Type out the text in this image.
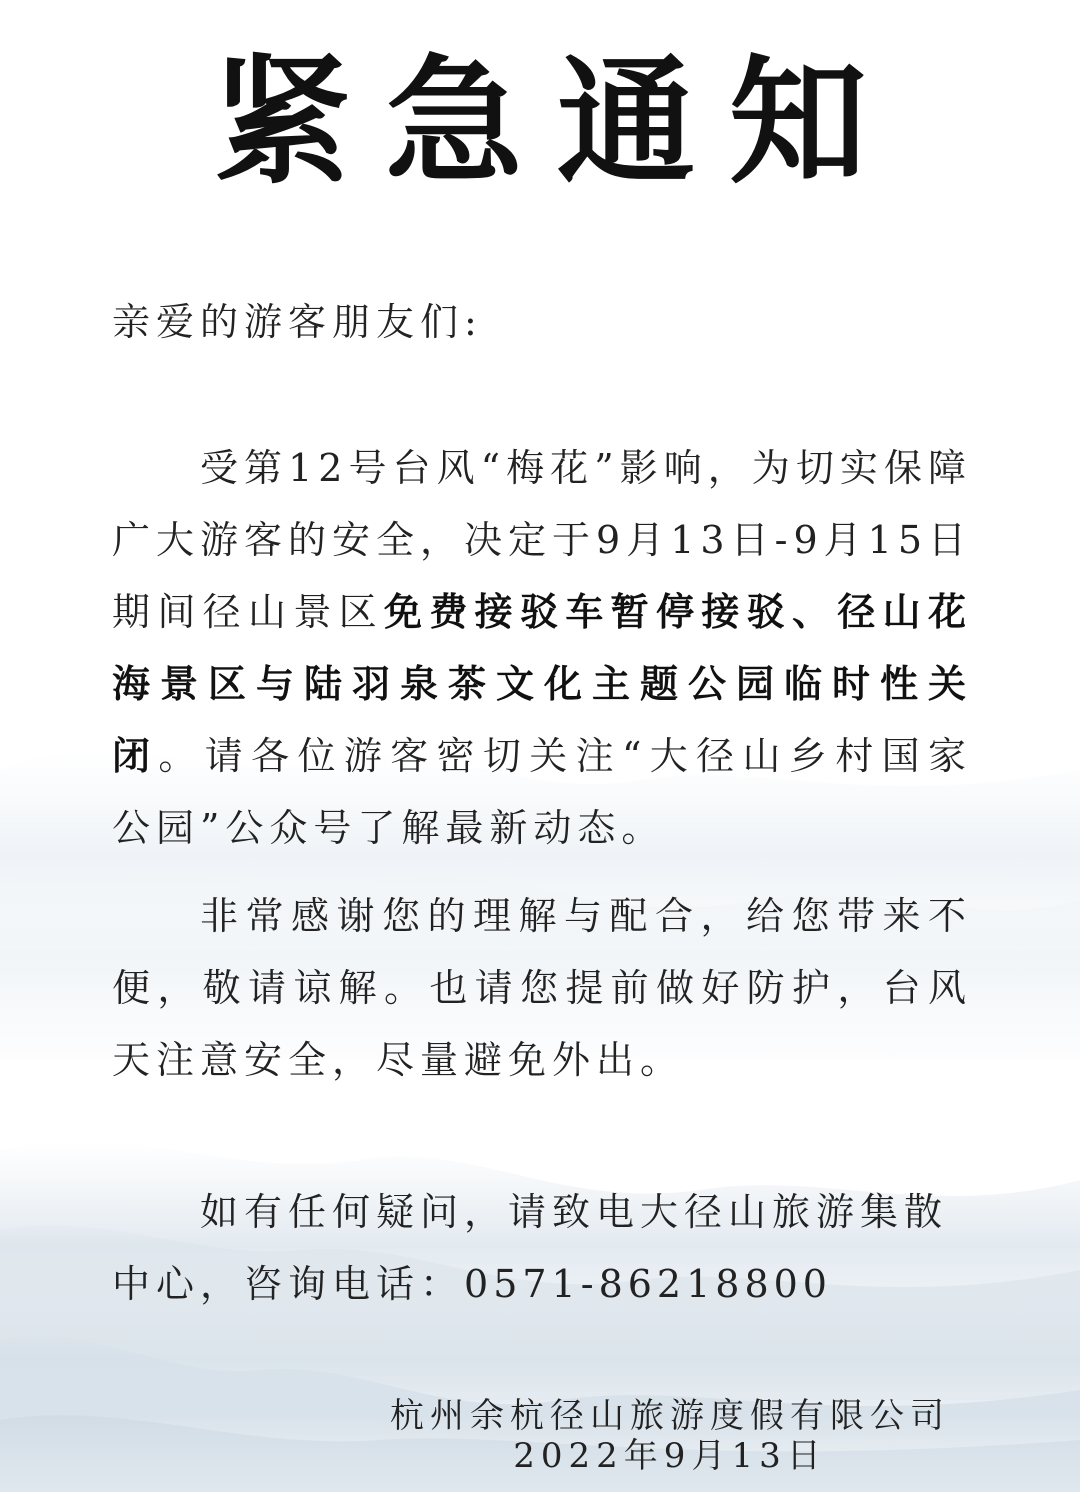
紧急通知
亲爱的游客朋友们:
受第12号台风“梅花”影响，为切实保障广大游客的安全，决定于9月13日-9月15日期间径山景区免费接驳车暂停接驳、径山花海景区与陆羽泉茶文化主题公园临时性关闭。请各位游客密切关注“大径山乡村国家公园”公众号了解最新动态。
非常感谢您的理解与配合，给您带来不便，敬请谅解。也请您提前做好防护，台风天注意安全，尽量避免外出。
如有任何疑问，请致电大径山旅游集散中心，咨询电话：0571-86218800
杭州余杭径山旅游度假有限公司
2022年9月13日
